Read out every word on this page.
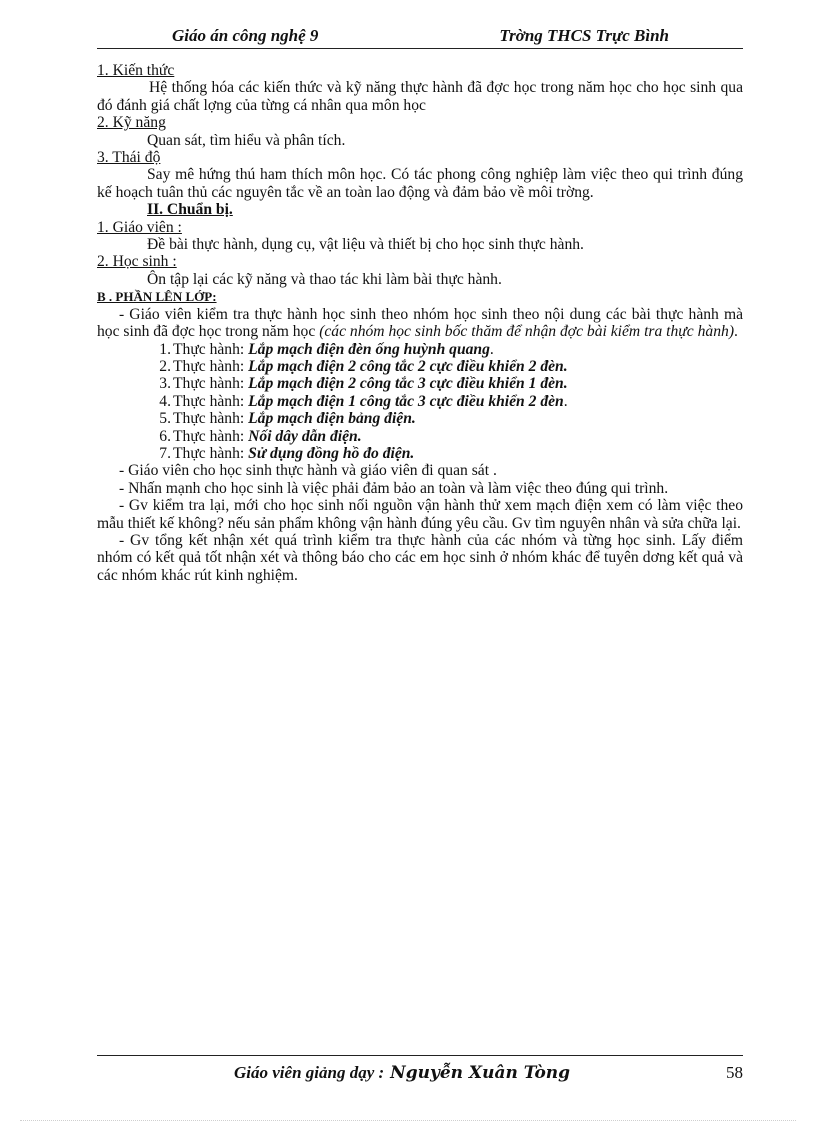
Giáo án công nghệ 9	Trờng THCS Trực Bình

1. Kiến thức

Hệ thống hóa các kiến thức và kỹ năng thực hành đã đợc học trong năm học cho học sinh qua đó đánh giá chất lợng của từng cá nhân qua môn học

2. Kỹ năng

Quan sát, tìm hiểu và phân tích.

3. Thái độ

Say mê hứng thú ham thích môn học. Có tác phong công nghiệp làm việc theo qui trình đúng kế hoạch tuân thủ các nguyên tắc về an toàn lao động và đảm bảo về môi trờng.

II. Chuẩn bị.

1. Giáo viên :

Đề bài thực hành, dụng cụ, vật liệu và thiết bị cho học sinh thực hành.

2. Học sinh :

Ôn tập lại các kỹ năng và thao tác khi làm bài thực hành.

B . PHẦN LÊN LỚP:

- Giáo viên kiểm tra thực hành học sinh theo nhóm học sinh theo nội dung các bài thực hành mà học sinh đã đợc học trong năm học (các nhóm học sinh bốc thăm để nhận đợc bài kiểm tra thực hành).

1. Thực hành: Lắp mạch điện đèn ống huỳnh quang.
2. Thực hành: Lắp mạch điện 2 công tắc 2 cực điều khiển 2 đèn.
3. Thực hành: Lắp mạch điện 2 công tắc 3 cực điều khiển 1 đèn.
4. Thực hành: Lắp mạch điện 1 công tắc 3 cực điều khiển 2 đèn.
5. Thực hành: Lắp mạch điện bảng điện.
6. Thực hành: Nối dây dẫn điện.
7. Thực hành: Sử dụng đồng hồ đo điện.

- Giáo viên cho học sinh thực hành và giáo viên đi quan sát .

- Nhấn mạnh cho học sinh là việc phải đảm bảo an toàn và làm việc theo đúng qui trình.

- Gv kiểm tra lại, mới cho học sinh nối nguồn vận hành thử xem mạch điện xem có làm việc theo mẫu thiết kế không? nếu sản phẩm không vận hành đúng yêu cầu. Gv tìm nguyên nhân và sửa chữa lại.

- Gv tổng kết nhận xét quá trình kiểm tra thực hành của các nhóm và từng học sinh. Lấy điểm nhóm có kết quả tốt nhận xét và thông báo cho các em học sinh ở nhóm khác để tuyên dơng kết quả và các nhóm khác rút kinh nghiệm.

Giáo viên giảng dạy : Nguyễn Xuân Tòng	58
